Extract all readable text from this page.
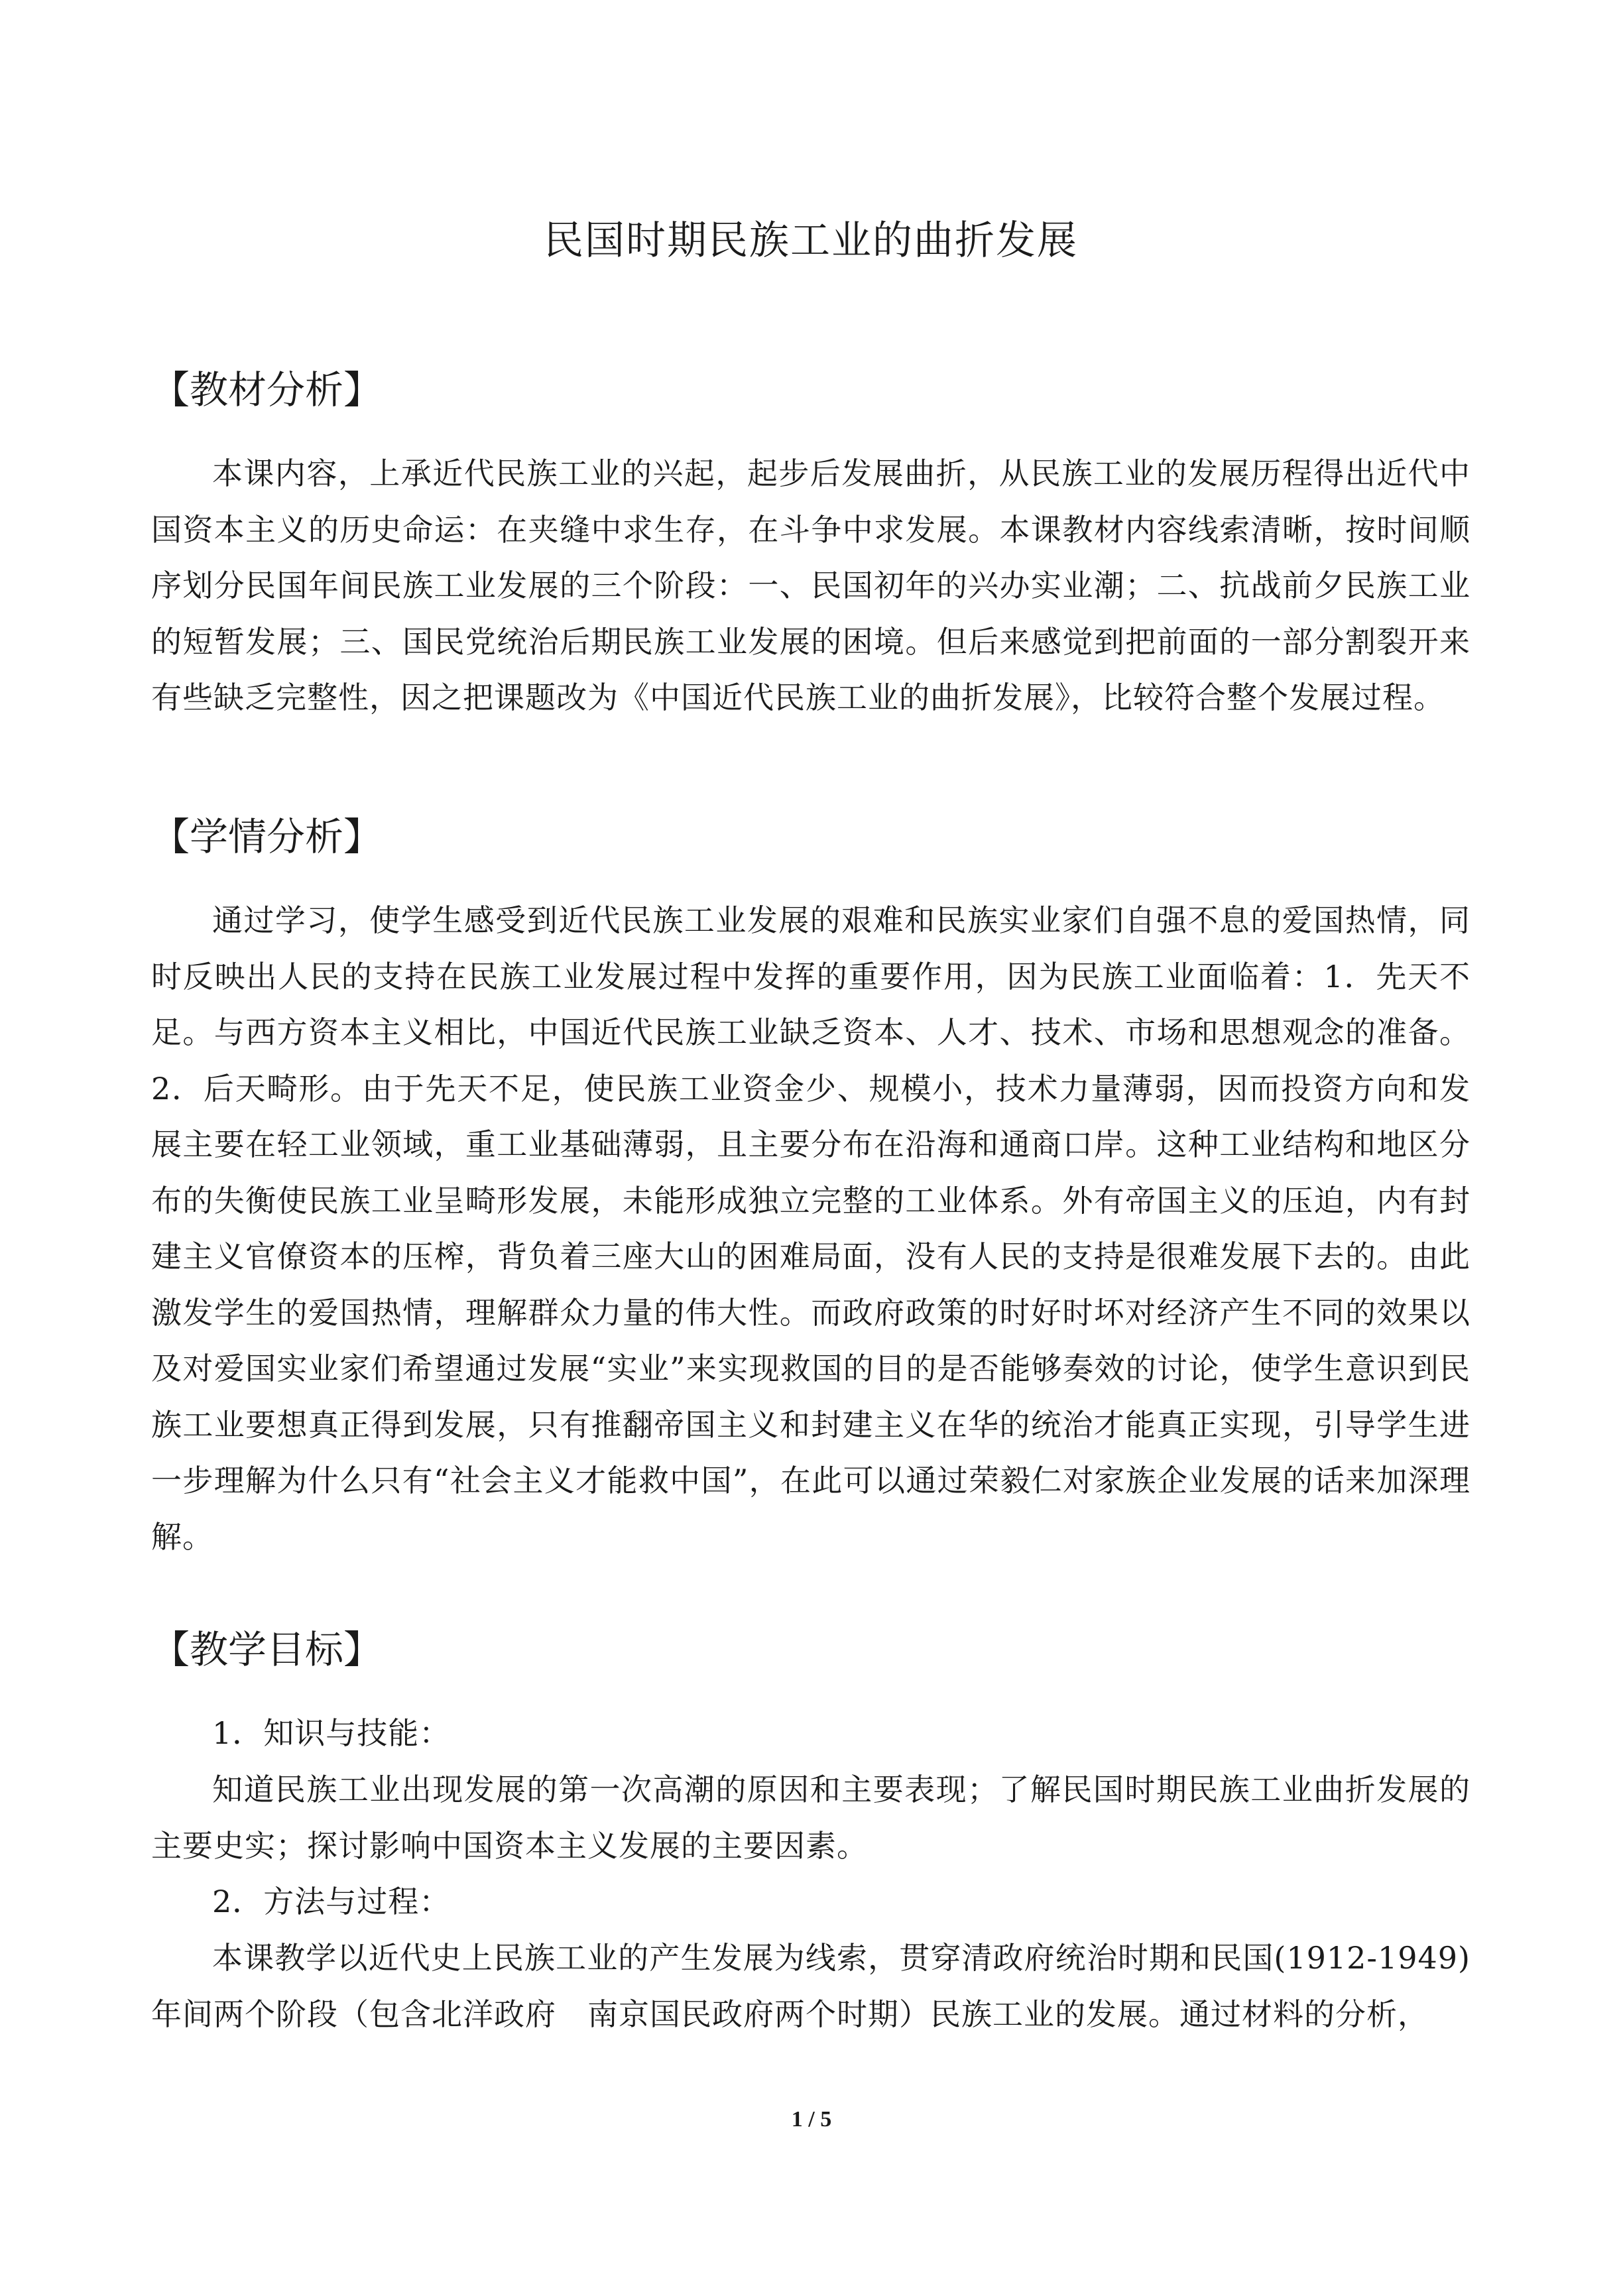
民国时期民族工业的曲折发展
【教材分析】
本课内容，上承近代民族工业的兴起，起步后发展曲折，从民族工业的发展历程得出近代中国资本主义的历史命运：在夹缝中求生存，在斗争中求发展。本课教材内容线索清晰，按时间顺序划分民国年间民族工业发展的三个阶段：一、民国初年的兴办实业潮；二、抗战前夕民族工业的短暂发展；三、国民党统治后期民族工业发展的困境。但后来感觉到把前面的一部分割裂开来有些缺乏完整性，因之把课题改为《中国近代民族工业的曲折发展》，比较符合整个发展过程。
【学情分析】
通过学习，使学生感受到近代民族工业发展的艰难和民族实业家们自强不息的爱国热情，同时反映出人民的支持在民族工业发展过程中发挥的重要作用，因为民族工业面临着：1．先天不足。与西方资本主义相比，中国近代民族工业缺乏资本、人才、技术、市场和思想观念的准备。2．后天畸形。由于先天不足，使民族工业资金少、规模小，技术力量薄弱，因而投资方向和发展主要在轻工业领域，重工业基础薄弱，且主要分布在沿海和通商口岸。这种工业结构和地区分布的失衡使民族工业呈畸形发展，未能形成独立完整的工业体系。外有帝国主义的压迫，内有封建主义官僚资本的压榨，背负着三座大山的困难局面，没有人民的支持是很难发展下去的。由此激发学生的爱国热情，理解群众力量的伟大性。而政府政策的时好时坏对经济产生不同的效果以及对爱国实业家们希望通过发展“实业”来实现救国的目的是否能够奏效的讨论，使学生意识到民族工业要想真正得到发展，只有推翻帝国主义和封建主义在华的统治才能真正实现，引导学生进一步理解为什么只有“社会主义才能救中国”，在此可以通过荣毅仁对家族企业发展的话来加深理解。
【教学目标】
1．知识与技能：
知道民族工业出现发展的第一次高潮的原因和主要表现；了解民国时期民族工业曲折发展的主要史实；探讨影响中国资本主义发展的主要因素。
2．方法与过程：
本课教学以近代史上民族工业的产生发展为线索，贯穿清政府统治时期和民国(1912-1949)年间两个阶段（包含北洋政府　南京国民政府两个时期）民族工业的发展。通过材料的分析，
1 / 5
